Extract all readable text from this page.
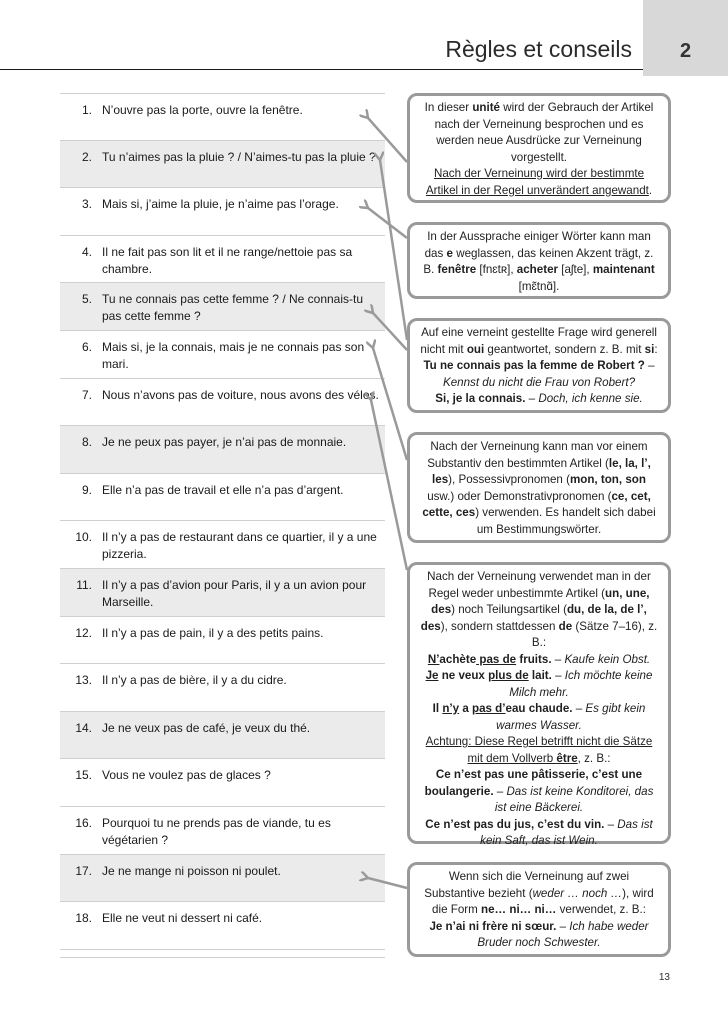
2
Règles et conseils
1. N’ouvre pas la porte, ouvre la fenêtre.
2. Tu n’aimes pas la pluie ? / N’aimes-tu pas la pluie ?
3. Mais si, j’aime la pluie, je n’aime pas l’orage.
4. Il ne fait pas son lit et il ne range/nettoie pas sa chambre.
5. Tu ne connais pas cette femme ? / Ne connais-tu pas cette femme ?
6. Mais si, je la connais, mais je ne connais pas son mari.
7. Nous n’avons pas de voiture, nous avons des vélos.
8. Je ne peux pas payer, je n’ai pas de monnaie.
9. Elle n’a pas de travail et elle n’a pas d’argent.
10. Il n’y a pas de restaurant dans ce quartier, il y a une pizzeria.
11. Il n’y a pas d’avion pour Paris, il y a un avion pour Marseille.
12. Il n’y a pas de pain, il y a des petits pains.
13. Il n’y a pas de bière, il y a du cidre.
14. Je ne veux pas de café, je veux du thé.
15. Vous ne voulez pas de glaces ?
16. Pourquoi tu ne prends pas de viande, tu es végétarien ?
17. Je ne mange ni poisson ni poulet.
18. Elle ne veut ni dessert ni café.

In dieser unité wird der Gebrauch der Artikel nach der Verneinung besprochen und es werden neue Ausdrücke zur Verneinung vorgestellt.

Nach der Verneinung wird der bestimmte Artikel in der Regel unverändert angewandt.

In der Aussprache einiger Wörter kann man das e weglassen, das keinen Akzent trägt, z. B. fenêtre [fnɛtʀ], acheter [aʃte], maintenant [mɛ̃tnɑ̃].

Auf eine verneint gestellte Frage wird generell nicht mit oui geantwortet, sondern z. B. mit si:

Tu ne connais pas la femme de Robert ? – Kennst du nicht die Frau von Robert?

Si, je la connais. – Doch, ich kenne sie.

Nach der Verneinung kann man vor einem Substantiv den bestimmten Artikel (le, la, l’, les), Possessivpronomen (mon, ton, son usw.) oder Demonstrativpronomen (ce, cet, cette, ces) verwenden. Es handelt sich dabei um Bestimmungswörter.

Nach der Verneinung verwendet man in der Regel weder unbestimmte Artikel (un, une, des) noch Teilungsartikel (du, de la, de l’, des), sondern stattdessen de (Sätze 7–16), z. B.:

N’achète pas de fruits. – Kaufe kein Obst.

Je ne veux plus de lait. – Ich möchte keine Milch mehr.

Il n’y a pas d’eau chaude. – Es gibt kein warmes Wasser.

Achtung: Diese Regel betrifft nicht die Sätze mit dem Vollverb être, z. B.:

Ce n’est pas une pâtisserie, c’est une boulangerie. – Das ist keine Konditorei, das ist eine Bäckerei.

Ce n’est pas du jus, c’est du vin. – Das ist kein Saft, das ist Wein.

Wenn sich die Verneinung auf zwei Substantive bezieht (weder … noch …), wird die Form ne… ni… ni… verwendet, z. B.:

Je n’ai ni frère ni sœur. – Ich habe weder Bruder noch Schwester.

13
